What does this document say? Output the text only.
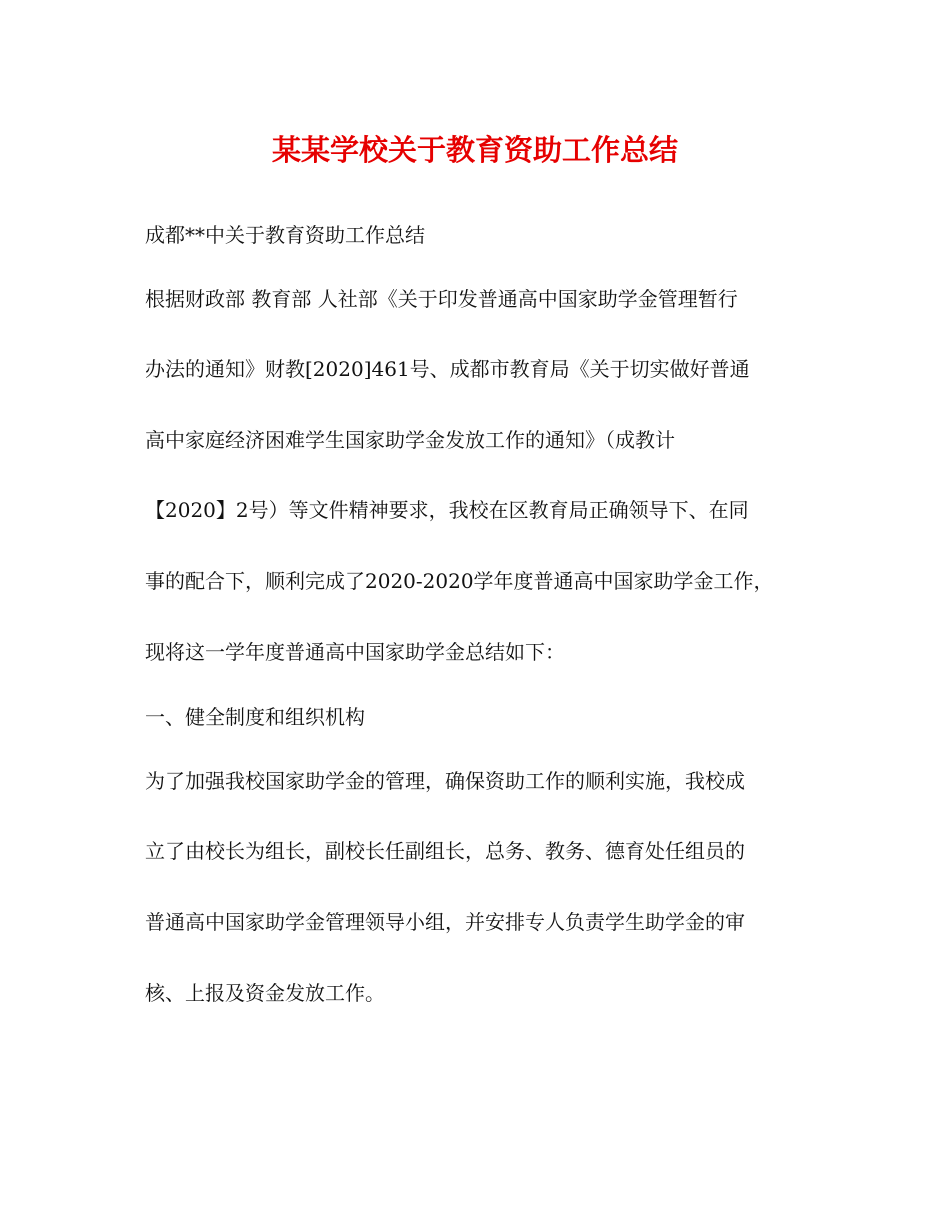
某某学校关于教育资助工作总结
成都**中关于教育资助工作总结
根据财政部 教育部 人社部《关于印发普通高中国家助学金管理暂行
办法的通知》财教[2020]461号、成都市教育局《关于切实做好普通
高中家庭经济困难学生国家助学金发放工作的通知》（成教计
【2020】2号）等文件精神要求，我校在区教育局正确领导下、在同
事的配合下，顺利完成了2020-2020学年度普通高中国家助学金工作，
现将这一学年度普通高中国家助学金总结如下：
一、健全制度和组织机构
为了加强我校国家助学金的管理，确保资助工作的顺利实施，我校成
立了由校长为组长，副校长任副组长，总务、教务、德育处任组员的
普通高中国家助学金管理领导小组，并安排专人负责学生助学金的审
核、上报及资金发放工作。
